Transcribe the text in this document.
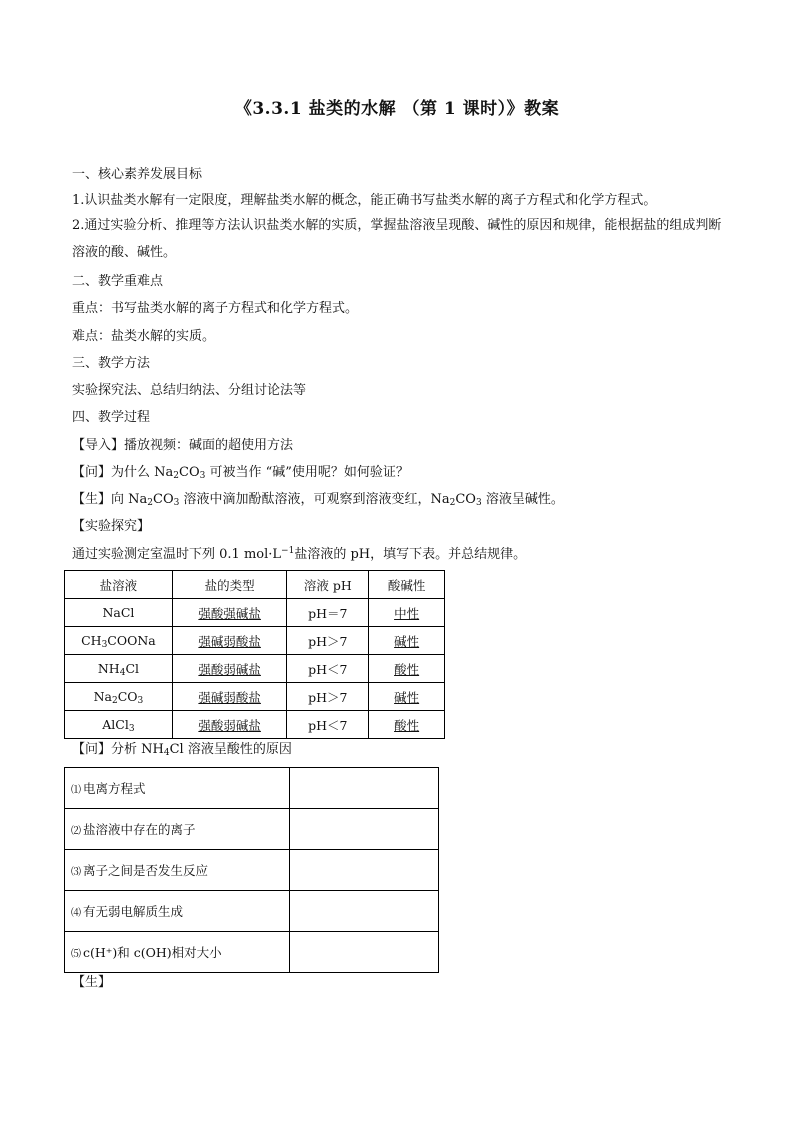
《3.3.1 盐类的水解 （第 1 课时）》教案
一、核心素养发展目标
1.认识盐类水解有一定限度，理解盐类水解的概念，能正确书写盐类水解的离子方程式和化学方程式。
2.通过实验分析、推理等方法认识盐类水解的实质，掌握盐溶液呈现酸、碱性的原因和规律，能根据盐的组成判断溶液的酸、碱性。
二、教学重难点
重点：书写盐类水解的离子方程式和化学方程式。
难点：盐类水解的实质。
三、教学方法
实验探究法、总结归纳法、分组讨论法等
四、教学过程
【导入】播放视频：碱面的超使用方法
【问】为什么 $Na_2CO_3$ 可被当作 “碱”使用呢？如何验证？
【生】向 $Na_2CO_3$ 溶液中滴加酚酞溶液，可观察到溶液变红，$Na_2CO_3$ 溶液呈碱性。
【实验探究】
通过实验测定室温时下列 0.1 $mol\cdot L^{-1}$盐溶液的 pH，填写下表。并总结规律。
盐溶液	盐的类型	溶液 pH	酸碱性
NaCl	强酸强碱盐	pH＝7	中性
$CH_3COONa$	强碱弱酸盐	pH＞7	碱性
$NH_4Cl$	强酸弱碱盐	pH＜7	酸性
$Na_2CO_3$	强碱弱酸盐	pH＞7	碱性
AlCl$_3$	强酸弱碱盐	pH＜7	酸性
【问】分析 $NH_4Cl$ 溶液呈酸性的原因
⑴ 电离方程式	
⑵ 盐溶液中存在的离子	
⑶ 离子之间是否发生反应	
⑷ 有无弱电解质生成	
⑸ c(H⁺)和 c(OH)相对大小	
【生】
